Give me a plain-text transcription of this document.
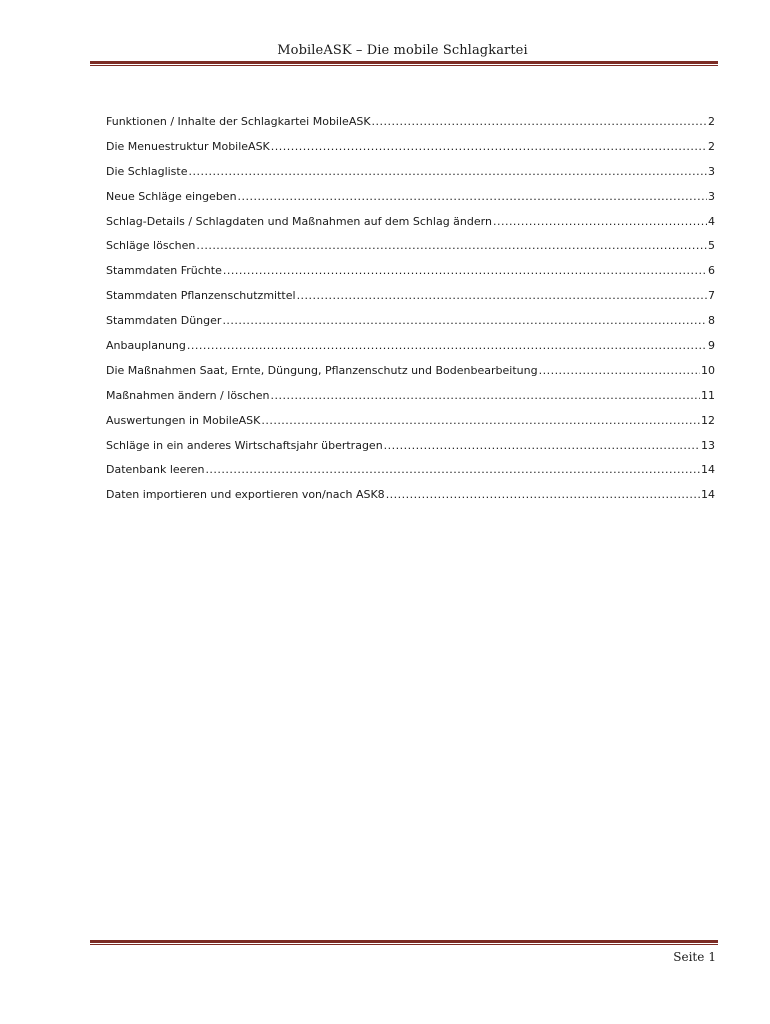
MobileASK – Die mobile Schlagkartei
Funktionen / Inhalte der Schlagkartei MobileASK .....	2
Die Menuestruktur MobileASK .....	2
Die Schlagliste .....	3
Neue Schläge eingeben .....	3
Schlag-Details / Schlagdaten und Maßnahmen auf dem Schlag ändern .....	4
Schläge löschen .....	5
Stammdaten Früchte .....	6
Stammdaten Pflanzenschutzmittel .....	7
Stammdaten Dünger .....	8
Anbauplanung .....	9
Die Maßnahmen Saat, Ernte, Düngung, Pflanzenschutz und Bodenbearbeitung .....	10
Maßnahmen ändern / löschen .....	11
Auswertungen in MobileASK .....	12
Schläge in ein anderes Wirtschaftsjahr übertragen .....	13
Datenbank leeren .....	14
Daten importieren und exportieren von/nach ASK8 .....	14
Seite 1
